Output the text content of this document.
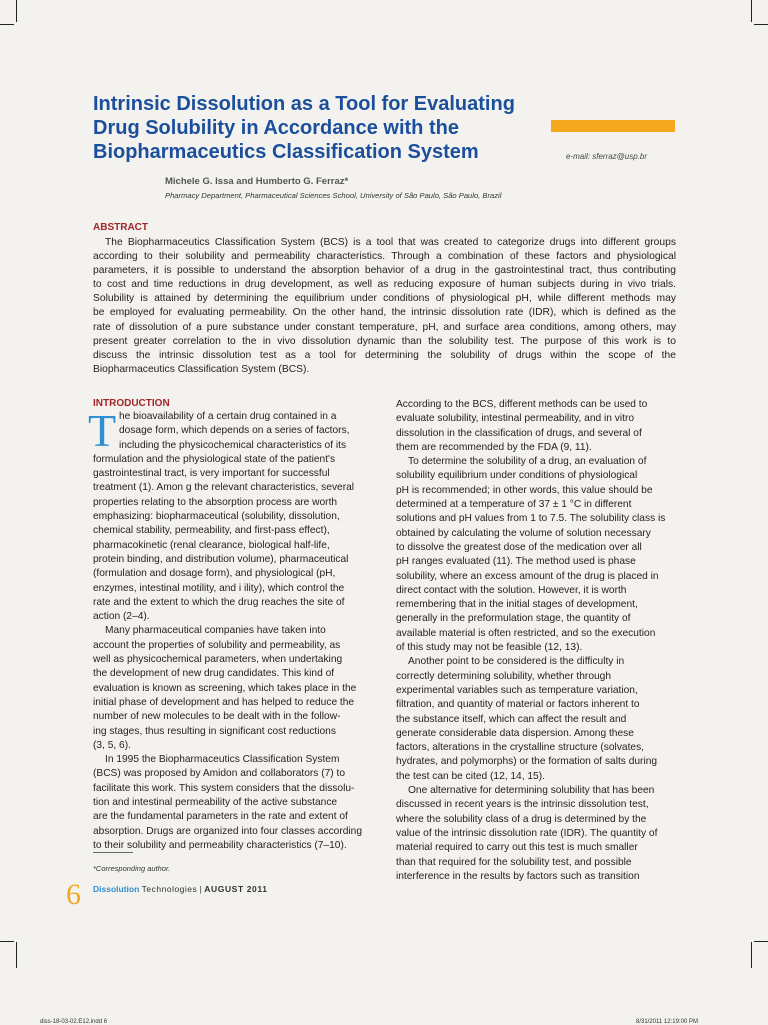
Intrinsic Dissolution as a Tool for Evaluating
Drug Solubility in Accordance with the
Biopharmaceutics Classification System	e-mail: sferraz@usp.br
Michele G. Issa and Humberto G. Ferraz*
Pharmacy Department, Pharmaceutical Sciences School, University of São Paulo, São Paulo, Brazil
ABSTRACT

The Biopharmaceutics Classification System (BCS) is a tool that was created to categorize drugs into different groups
according to their solubility and permeability characteristics. Through a combination of these factors and physiological
parameters, it is possible to understand the absorption behavior of a drug in the gastrointestinal tract, thus contributing
to cost and time reductions in drug development, as well as reducing exposure of human subjects during in vivo trials.
Solubility is attained by determining the equilibrium under conditions of physiological pH, while different methods may
be employed for evaluating permeability. On the other hand, the intrinsic dissolution rate (IDR), which is defined as the
rate of dissolution of a pure substance under constant temperature, pH, and surface area conditions, among others, may
present greater correlation to the in vivo dissolution dynamic than the solubility test. The purpose of this work is to
discuss the intrinsic dissolution test as a tool for determining the solubility of drugs within the scope of the
Biopharmaceutics Classification System (BCS).

INTRODUCTION
T he bioavailability of a certain drug contained in a
dosage form, which depends on a series of factors,
including the physicochemical characteristics of its
formulation and the physiological state of the patient's
gastrointestinal tract, is very important for successful
treatment (1). Amon g the relevant characteristics, several
properties relating to the absorption process are worth
emphasizing: biopharmaceutical (solubility, dissolution,
chemical stability, permeability, and first-pass effect),
pharmacokinetic (renal clearance, biological half-life,
protein binding, and distribution volume), pharmaceutical
(formulation and dosage form), and physiological (pH,
enzymes, intestinal motility, and i ility), which control the
rate and the extent to which the drug reaches the site of
action (2–4).
Many pharmaceutical companies have taken into
account the properties of solubility and permeability, as
well as physicochemical parameters, when undertaking
the development of new drug candidates. This kind of
evaluation is known as screening, which takes place in the
initial phase of development and has helped to reduce the
number of new molecules to be dealt with in the follow-
ing stages, thus resulting in significant cost reductions
(3, 5, 6).
In 1995 the Biopharmaceutics Classification System
(BCS) was proposed by Amidon and collaborators (7) to
facilitate this work. This system considers that the dissolu-
tion and intestinal permeability of the active substance
are the fundamental parameters in the rate and extent of
absorption. Drugs are organized into four classes according
to their solubility and permeability characteristics (7–10).
According to the BCS, different methods can be used to
evaluate solubility, intestinal permeability, and in vitro
dissolution in the classification of drugs, and several of
them are recommended by the FDA (9, 11).
To determine the solubility of a drug, an evaluation of
solubility equilibrium under conditions of physiological
pH is recommended; in other words, this value should be
determined at a temperature of 37 ± 1 °C in different
solutions and pH values from 1 to 7.5. The solubility class is
obtained by calculating the volume of solution necessary
to dissolve the greatest dose of the medication over all
pH ranges evaluated (11). The method used is phase
solubility, where an excess amount of the drug is placed in
direct contact with the solution. However, it is worth
remembering that in the initial stages of development,
generally in the preformulation stage, the quantity of
available material is often restricted, and so the execution
of this study may not be feasible (12, 13).
Another point to be considered is the difficulty in
correctly determining solubility, whether through
experimental variables such as temperature variation,
filtration, and quantity of material or factors inherent to
the substance itself, which can affect the result and
generate considerable data dispersion. Among these
factors, alterations in the crystalline structure (solvates,
hydrates, and polymorphs) or the formation of salts during
the test can be cited (12, 14, 15).
One alternative for determining solubility that has been
discussed in recent years is the intrinsic dissolution test,
where the solubility class of a drug is determined by the
value of the intrinsic dissolution rate (IDR). The quantity of
material required to carry out this test is much smaller
than that required for the solubility test, and possible
interference in the results by factors such as transition
*Corresponding author.
6 Dissolution Technologies | AUGUST 2011
diss-18-03-02.E12.indd 6	8/31/2011 12:19:00 PM
